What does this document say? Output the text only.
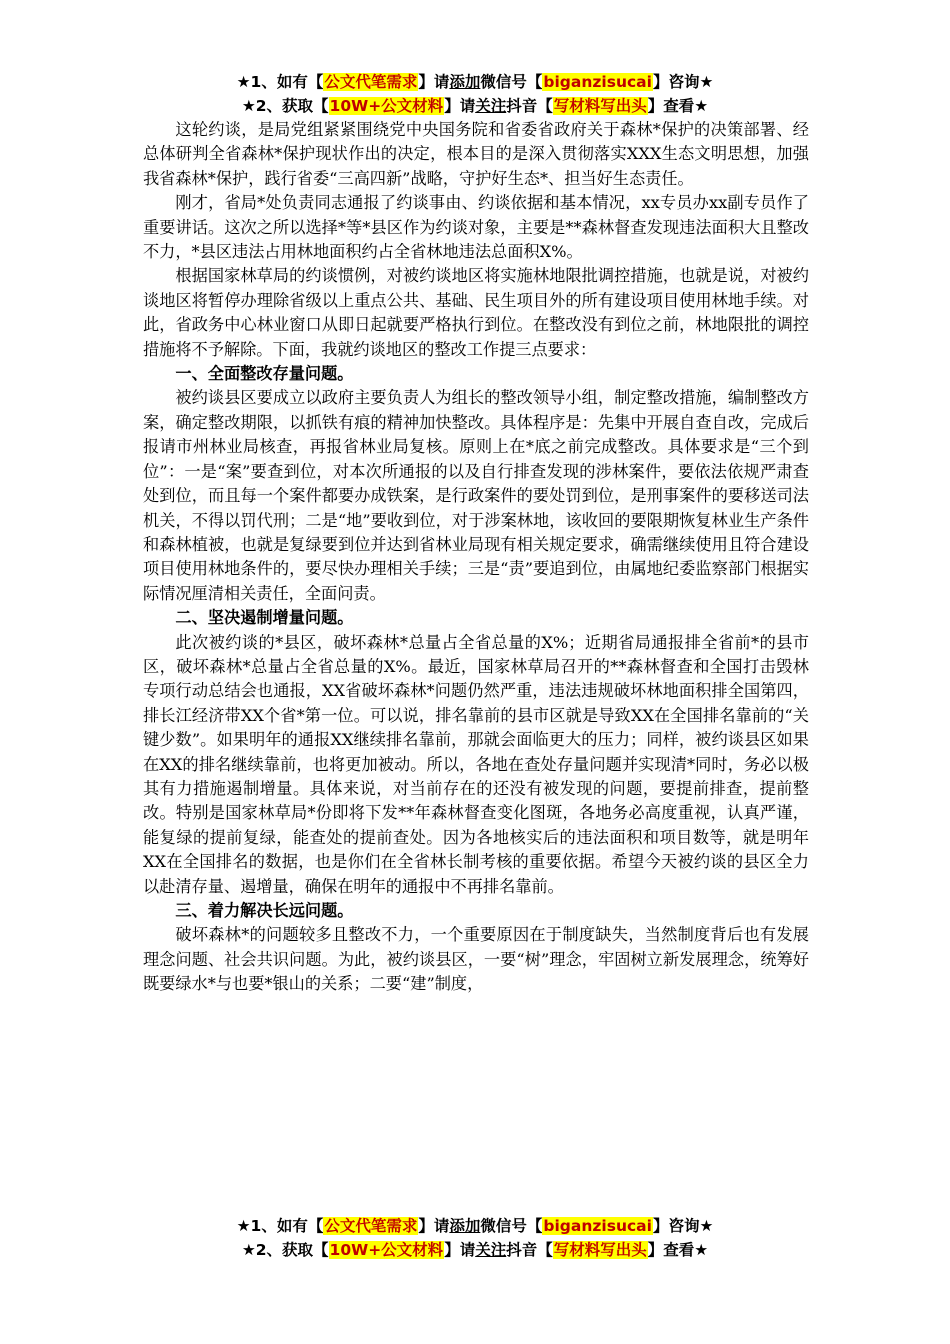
★1、如有【公文代笔需求】请添加微信号【biganzisucai】咨询★
★2、获取【10W+公文材料】请关注抖音【写材料写出头】查看★

这轮约谈，是局党组紧紧围绕党中央国务院和省委省政府关于森林*保护的决策部署、经总体研判全省森林*保护现状作出的决定，根本目的是深入贯彻落实XXX生态文明思想，加强我省森林*保护，践行省委“三高四新”战略，守护好生态*、担当好生态责任。

刚才，省局*处负责同志通报了约谈事由、约谈依据和基本情况，xx专员办xx副专员作了重要讲话。这次之所以选择*等*县区作为约谈对象，主要是**森林督查发现违法面积大且整改不力，*县区违法占用林地面积约占全省林地违法总面积X%。

根据国家林草局的约谈惯例，对被约谈地区将实施林地限批调控措施，也就是说，对被约谈地区将暂停办理除省级以上重点公共、基础、民生项目外的所有建设项目使用林地手续。对此，省政务中心林业窗口从即日起就要严格执行到位。在整改没有到位之前，林地限批的调控措施将不予解除。下面，我就约谈地区的整改工作提三点要求：

一、全面整改存量问题。

被约谈县区要成立以政府主要负责人为组长的整改领导小组，制定整改措施，编制整改方案，确定整改期限，以抓铁有痕的精神加快整改。具体程序是：先集中开展自查自改，完成后报请市州林业局核查，再报省林业局复核。原则上在*底之前完成整改。具体要求是“三个到位”：一是“案”要查到位，对本次所通报的以及自行排查发现的涉林案件，要依法依规严肃查处到位，而且每一个案件都要办成铁案，是行政案件的要处罚到位，是刑事案件的要移送司法机关，不得以罚代刑；二是“地”要收到位，对于涉案林地，该收回的要限期恢复林业生产条件和森林植被，也就是复绿要到位并达到省林业局现有相关规定要求，确需继续使用且符合建设项目使用林地条件的，要尽快办理相关手续；三是“责”要追到位，由属地纪委监察部门根据实际情况厘清相关责任，全面问责。

二、坚决遏制增量问题。

此次被约谈的*县区，破坏森林*总量占全省总量的X%；近期省局通报排全省前*的县市区，破坏森林*总量占全省总量的X%。最近，国家林草局召开的**森林督查和全国打击毁林专项行动总结会也通报，XX省破坏森林*问题仍然严重，违法违规破坏林地面积排全国第四，排长江经济带XX个省*第一位。可以说，排名靠前的县市区就是导致XX在全国排名靠前的“关键少数”。如果明年的通报XX继续排名靠前，那就会面临更大的压力；同样，被约谈县区如果在XX的排名继续靠前，也将更加被动。所以，各地在查处存量问题并实现清*同时，务必以极其有力措施遏制增量。具体来说，对当前存在的还没有被发现的问题，要提前排查，提前整改。特别是国家林草局*份即将下发**年森林督查变化图斑，各地务必高度重视，认真严谨，能复绿的提前复绿，能查处的提前查处。因为各地核实后的违法面积和项目数等，就是明年XX在全国排名的数据，也是你们在全省林长制考核的重要依据。希望今天被约谈的县区全力以赴清存量、遏增量，确保在明年的通报中不再排名靠前。

三、着力解决长远问题。

破坏森林*的问题较多且整改不力，一个重要原因在于制度缺失，当然制度背后也有发展理念问题、社会共识问题。为此，被约谈县区，一要“树”理念，牢固树立新发展理念，统筹好既要绿水*与也要*银山的关系；二要“建”制度，

★1、如有【公文代笔需求】请添加微信号【biganzisucai】咨询★
★2、获取【10W+公文材料】请关注抖音【写材料写出头】查看★
